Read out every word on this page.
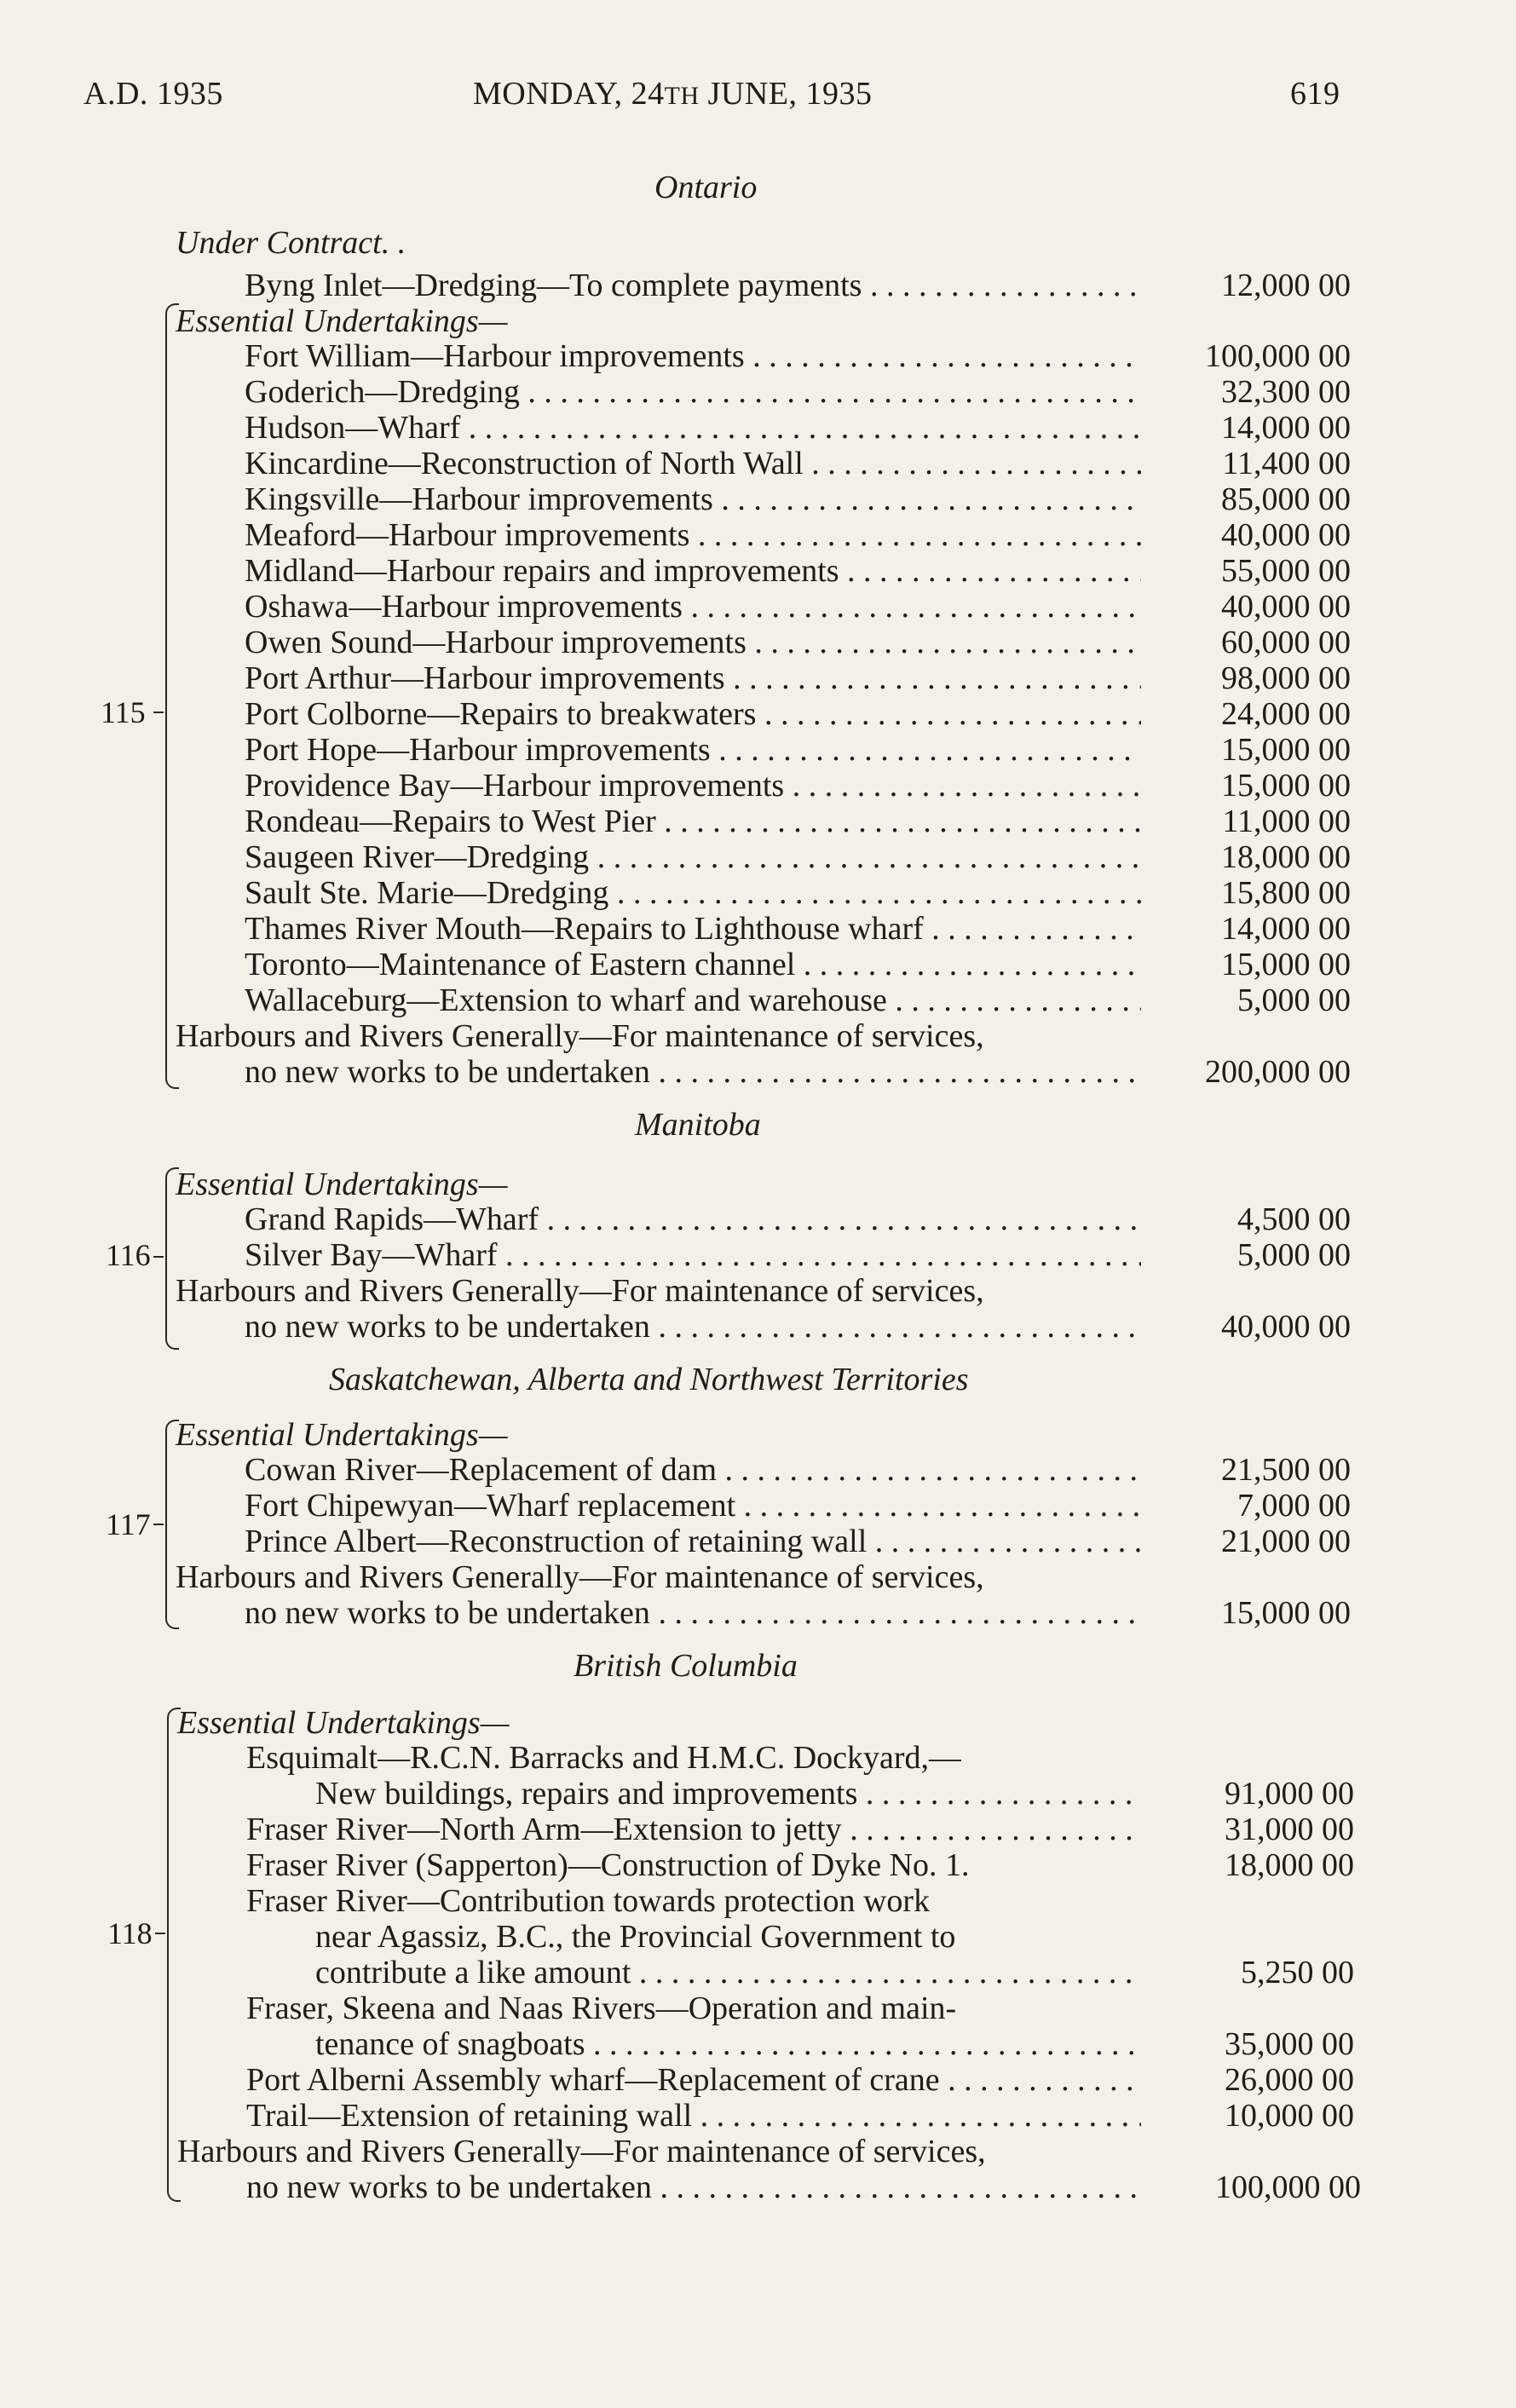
A.D. 1935	MONDAY, 24TH JUNE, 1935	619
Ontario
Under Contract. .
Byng Inlet—Dredging—To complete payments . . .	12,000 00
115
Essential Undertakings—
Fort William—Harbour improvements . . .	100,000 00
Goderich—Dredging . . .	32,300 00
Hudson—Wharf . . .	14,000 00
Kincardine—Reconstruction of North Wall . . .	11,400 00
Kingsville—Harbour improvements . . .	85,000 00
Meaford—Harbour improvements . . .	40,000 00
Midland—Harbour repairs and improvements . . .	55,000 00
Oshawa—Harbour improvements . . .	40,000 00
Owen Sound—Harbour improvements . . .	60,000 00
Port Arthur—Harbour improvements . . .	98,000 00
Port Colborne—Repairs to breakwaters . . .	24,000 00
Port Hope—Harbour improvements . . .	15,000 00
Providence Bay—Harbour improvements . . .	15,000 00
Rondeau—Repairs to West Pier . . .	11,000 00
Saugeen River—Dredging . . .	18,000 00
Sault Ste. Marie—Dredging . . .	15,800 00
Thames River Mouth—Repairs to Lighthouse wharf . . .	14,000 00
Toronto—Maintenance of Eastern channel . . .	15,000 00
Wallaceburg—Extension to wharf and warehouse . . .	5,000 00
Harbours and Rivers Generally—For maintenance of services,
no new works to be undertaken . . .	200,000 00
Manitoba
116
Essential Undertakings—
Grand Rapids—Wharf . . .	4,500 00
Silver Bay—Wharf . . .	5,000 00
Harbours and Rivers Generally—For maintenance of services,
no new works to be undertaken . . .	40,000 00
Saskatchewan, Alberta and Northwest Territories
117
Essential Undertakings—
Cowan River—Replacement of dam . . .	21,500 00
Fort Chipewyan—Wharf replacement . . .	7,000 00
Prince Albert—Reconstruction of retaining wall . . .	21,000 00
Harbours and Rivers Generally—For maintenance of services,
no new works to be undertaken . . .	15,000 00
British Columbia
118
Essential Undertakings—
Esquimalt—R.C.N. Barracks and H.M.C. Dockyard,—
New buildings, repairs and improvements . . .	91,000 00
Fraser River—North Arm—Extension to jetty . . .	31,000 00
Fraser River (Sapperton)—Construction of Dyke No. 1.	18,000 00
Fraser River—Contribution towards protection work
near Agassiz, B.C., the Provincial Government to
contribute a like amount . . .	5,250 00
Fraser, Skeena and Naas Rivers—Operation and main-
tenance of snagboats . . .	35,000 00
Port Alberni Assembly wharf—Replacement of crane . . .	26,000 00
Trail—Extension of retaining wall . . .	10,000 00
Harbours and Rivers Generally—For maintenance of services,
no new works to be undertaken . . .	100,000 00
